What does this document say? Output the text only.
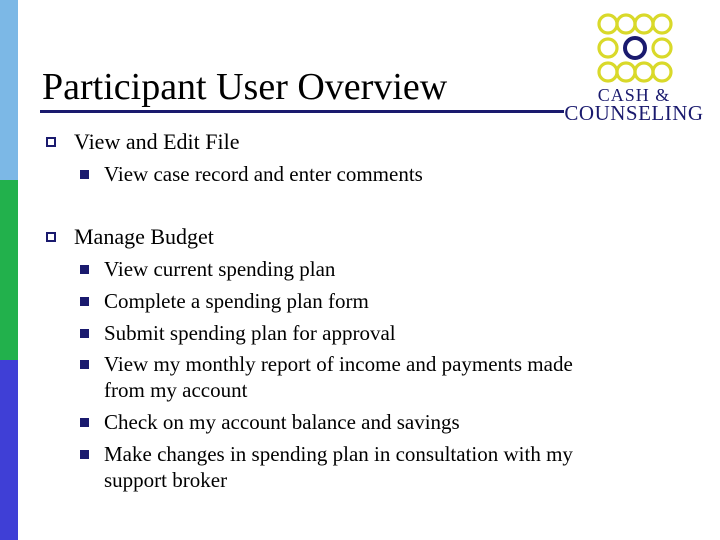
Participant User Overview	CASH &
COUNSELING
View and Edit File
View case record and enter comments
Manage Budget
View current spending plan
Complete a spending plan form
Submit spending plan for approval
View my monthly report of income and payments made
from my account
Check on my account balance and savings
Make changes in spending plan in consultation with my
support broker
